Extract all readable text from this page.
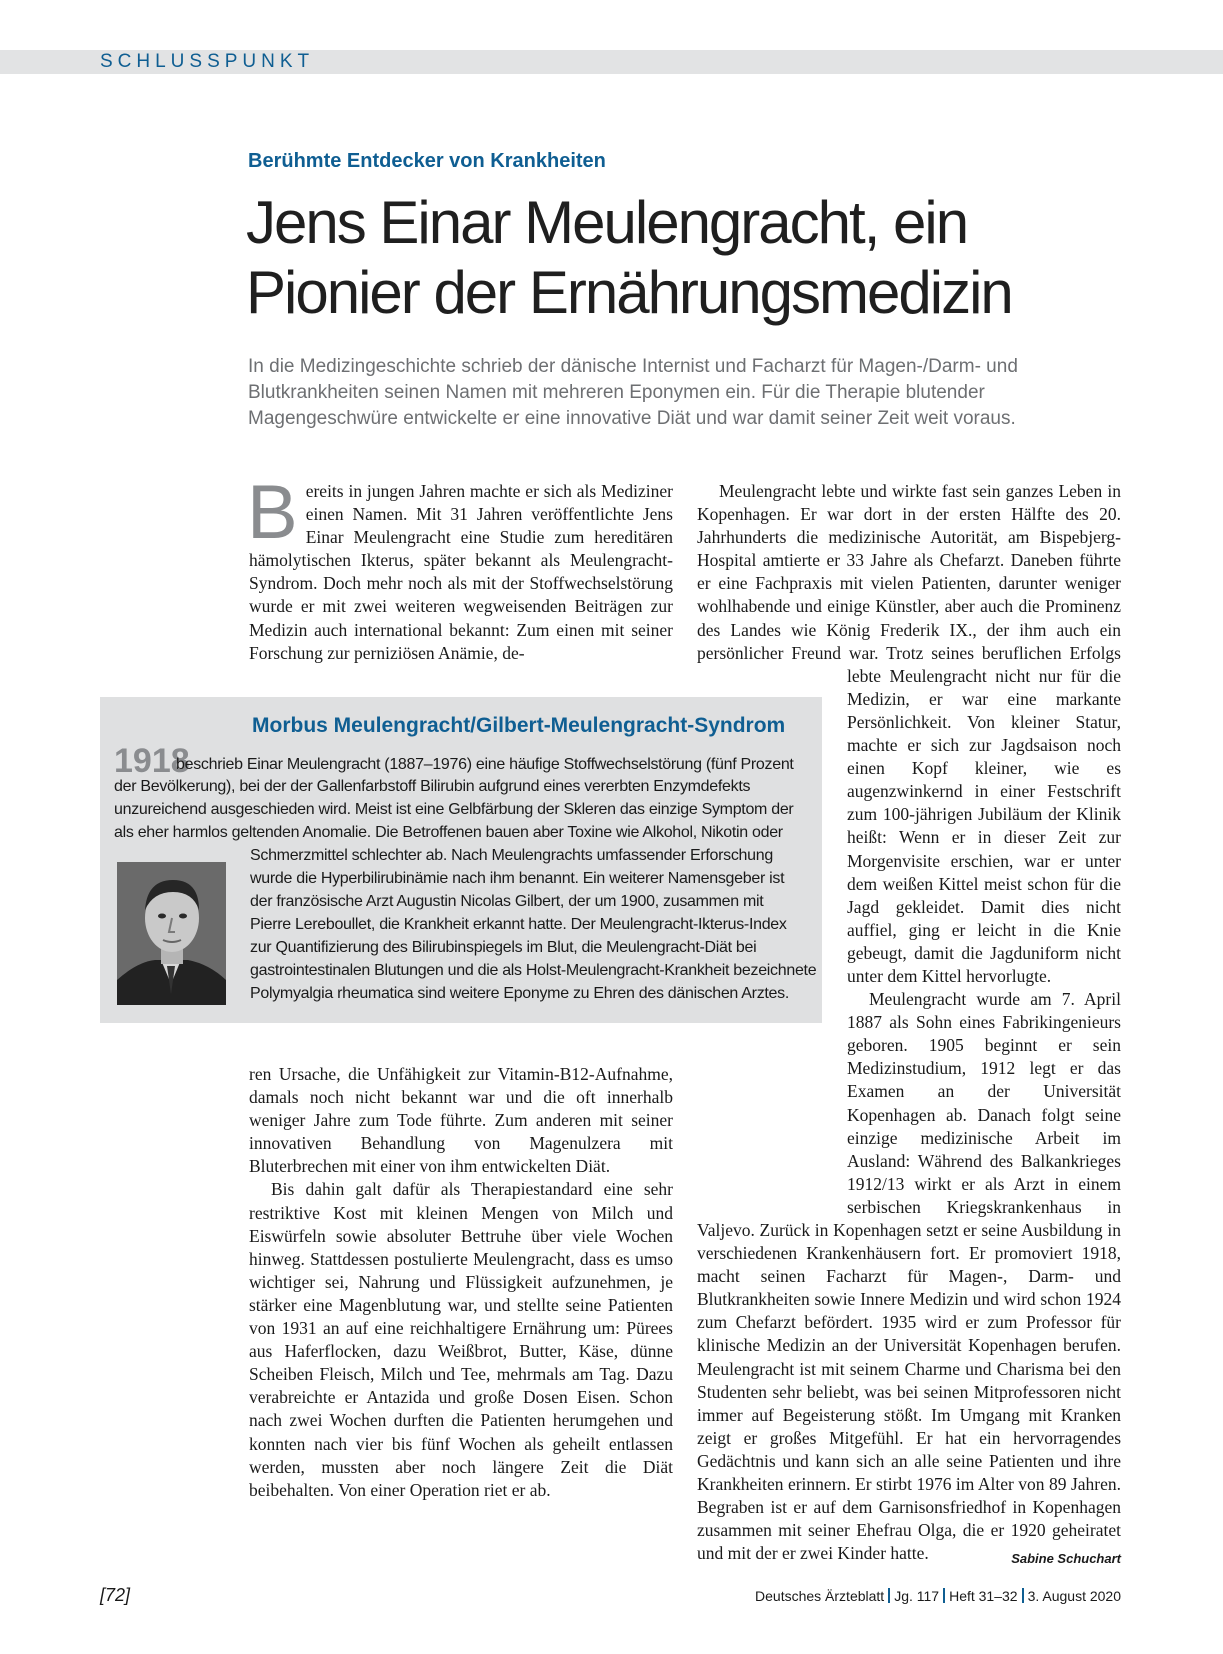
SCHLUSSPUNKT
Berühmte Entdecker von Krankheiten
Jens Einar Meulengracht, ein
Pionier der Ernährungsmedizin
In die Medizingeschichte schrieb der dänische Internist und Facharzt für Magen-/Darm- und
Blutkrankheiten seinen Namen mit mehreren Eponymen ein. Für die Therapie blutender
Magengeschwüre entwickelte er eine innovative Diät und war damit seiner Zeit weit voraus.

Bereits in jungen Jahren machte er sich als Mediziner einen Namen. Mit 31 Jahren veröffentlichte Jens Einar Meulengracht eine Studie zum hereditären hämolytischen Ikterus, später bekannt als Meulengracht-Syndrom. Doch mehr noch als mit der Stoffwechselstörung wurde er mit zwei weiteren wegweisenden Beiträgen zur Medizin auch international bekannt: Zum einen mit seiner Forschung zur perniziösen Anämie, de-

Morbus Meulengracht/Gilbert-Meulengracht-Syndrom
1918
beschrieb Einar Meulengracht (1887–1976) eine häufige Stoffwechselstörung (fünf Prozent
der Bevölkerung), bei der der Gallenfarbstoff Bilirubin aufgrund eines vererbten Enzymdefekts
unzureichend ausgeschieden wird. Meist ist eine Gelbfärbung der Skleren das einzige Symptom der
als eher harmlos geltenden Anomalie. Die Betroffenen bauen aber Toxine wie Alkohol, Nikotin oder
Schmerzmittel schlechter ab. Nach Meulengrachts umfassender Erforschung
wurde die Hyperbilirubinämie nach ihm benannt. Ein weiterer Namensgeber ist
der französische Arzt Augustin Nicolas Gilbert, der um 1900, zusammen mit
Pierre Lereboullet, die Krankheit erkannt hatte. Der Meulengracht-Ikterus-Index
zur Quantifizierung des Bilirubinspiegels im Blut, die Meulengracht-Diät bei
gastrointestinalen Blutungen und die als Holst-Meulengracht-Krankheit bezeichnete
Polymyalgia rheumatica sind weitere Eponyme zu Ehren des dänischen Arztes.

ren Ursache, die Unfähigkeit zur Vitamin-B12-Aufnahme, damals noch nicht bekannt war und die oft innerhalb weniger Jahre zum Tode führte. Zum anderen mit seiner innovativen Behandlung von Magenulzera mit Bluterbrechen mit einer von ihm entwickelten Diät.

Bis dahin galt dafür als Therapiestandard eine sehr restriktive Kost mit kleinen Mengen von Milch und Eiswürfeln sowie absoluter Bettruhe über viele Wochen hinweg. Stattdessen postulierte Meulengracht, dass es umso wichtiger sei, Nahrung und Flüssigkeit aufzunehmen, je stärker eine Magenblutung war, und stellte seine Patienten von 1931 an auf eine reichhaltigere Ernährung um: Pürees aus Haferflocken, dazu Weißbrot, Butter, Käse, dünne Scheiben Fleisch, Milch und Tee, mehrmals am Tag. Dazu verabreichte er Antazida und große Dosen Eisen. Schon nach zwei Wochen durften die Patienten herumgehen und konnten nach vier bis fünf Wochen als geheilt entlassen werden, mussten aber noch längere Zeit die Diät beibehalten. Von einer Operation riet er ab.

Meulengracht lebte und wirkte fast sein ganzes Leben in Kopenhagen. Er war dort in der ersten Hälfte des 20. Jahrhunderts die medizinische Autorität, am Bispebjerg-Hospital amtierte er 33 Jahre als Chefarzt. Daneben führte er eine Fachpraxis mit vielen Patienten, darunter weniger wohlhabende und einige Künstler, aber auch die Prominenz des Landes wie König Frederik IX., der ihm auch ein persönlicher Freund war. Trotz seines beruflichen Erfolgs lebte Meulengracht nicht nur für die Medizin, er war eine markante Persönlichkeit. Von kleiner Statur, machte er sich zur Jagdsaison noch einen Kopf kleiner, wie es augenzwinkernd in einer Festschrift zum 100-jährigen Jubiläum der Klinik heißt: Wenn er in dieser Zeit zur Morgenvisite erschien, war er unter dem weißen Kittel meist schon für die Jagd gekleidet. Damit dies nicht auffiel, ging er leicht in die Knie gebeugt, damit die Jagduniform nicht unter dem Kittel hervorlugte.

Meulengracht wurde am 7. April 1887 als Sohn eines Fabrikingenieurs geboren. 1905 beginnt er sein Medizinstudium, 1912 legt er das Examen an der Universität Kopenhagen ab. Danach folgt seine einzige medizinische Arbeit im Ausland: Während des Balkankrieges 1912/13 wirkt er als Arzt in einem serbischen Kriegskrankenhaus in Valjevo. Zurück in Kopenhagen setzt er seine Ausbildung in verschiedenen Krankenhäusern fort. Er promoviert 1918, macht seinen Facharzt für Magen-, Darm- und Blutkrankheiten sowie Innere Medizin und wird schon 1924 zum Chefarzt befördert. 1935 wird er zum Professor für klinische Medizin an der Universität Kopenhagen berufen. Meulengracht ist mit seinem Charme und Charisma bei den Studenten sehr beliebt, was bei seinen Mitprofessoren nicht immer auf Begeisterung stößt. Im Umgang mit Kranken zeigt er großes Mitgefühl. Er hat ein hervorragendes Gedächtnis und kann sich an alle seine Patienten und ihre Krankheiten erinnern. Er stirbt 1976 im Alter von 89 Jahren. Begraben ist er auf dem Garnisonsfriedhof in Kopenhagen zusammen mit seiner Ehefrau Olga, die er 1920 geheiratet und mit der er zwei Kinder hatte.	Sabine Schuchart

[72]	Deutsches Ärzteblatt Jg. 117 Heft 31–32 3. August 2020
